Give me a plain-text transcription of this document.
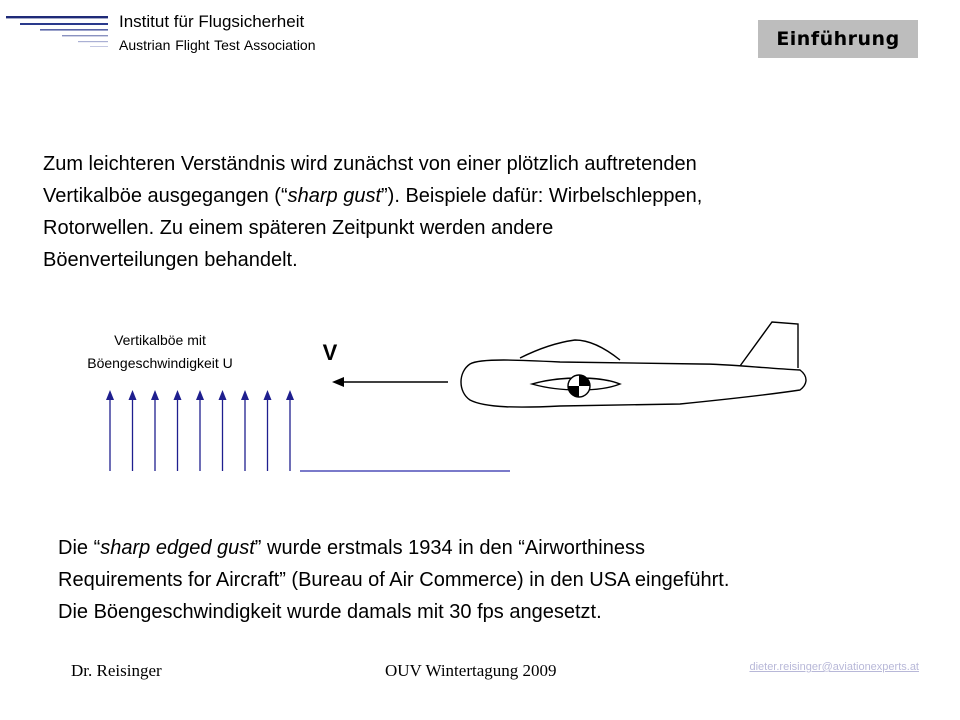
Institut für Flugsicherheit
Austrian Flight Test Association	Einführung

Zum leichteren Verständnis wird zunächst von einer plötzlich auftretenden

Vertikalböe ausgegangen (“sharp gust”). Beispiele dafür: Wirbelschleppen,

Rotorwellen. Zu einem späteren Zeitpunkt werden andere

Böenverteilungen behandelt.

Vertikalböe mit
Böengeschwindigkeit U	V

Die “sharp edged gust” wurde erstmals 1934 in den “Airworthiness

Requirements for Aircraft” (Bureau of Air Commerce) in den USA eingeführt.

Die Böengeschwindigkeit wurde damals mit 30 fps angesetzt.

Dr. Reisinger	OUV Wintertagung 2009	dieter.reisinger@aviationexperts.at
